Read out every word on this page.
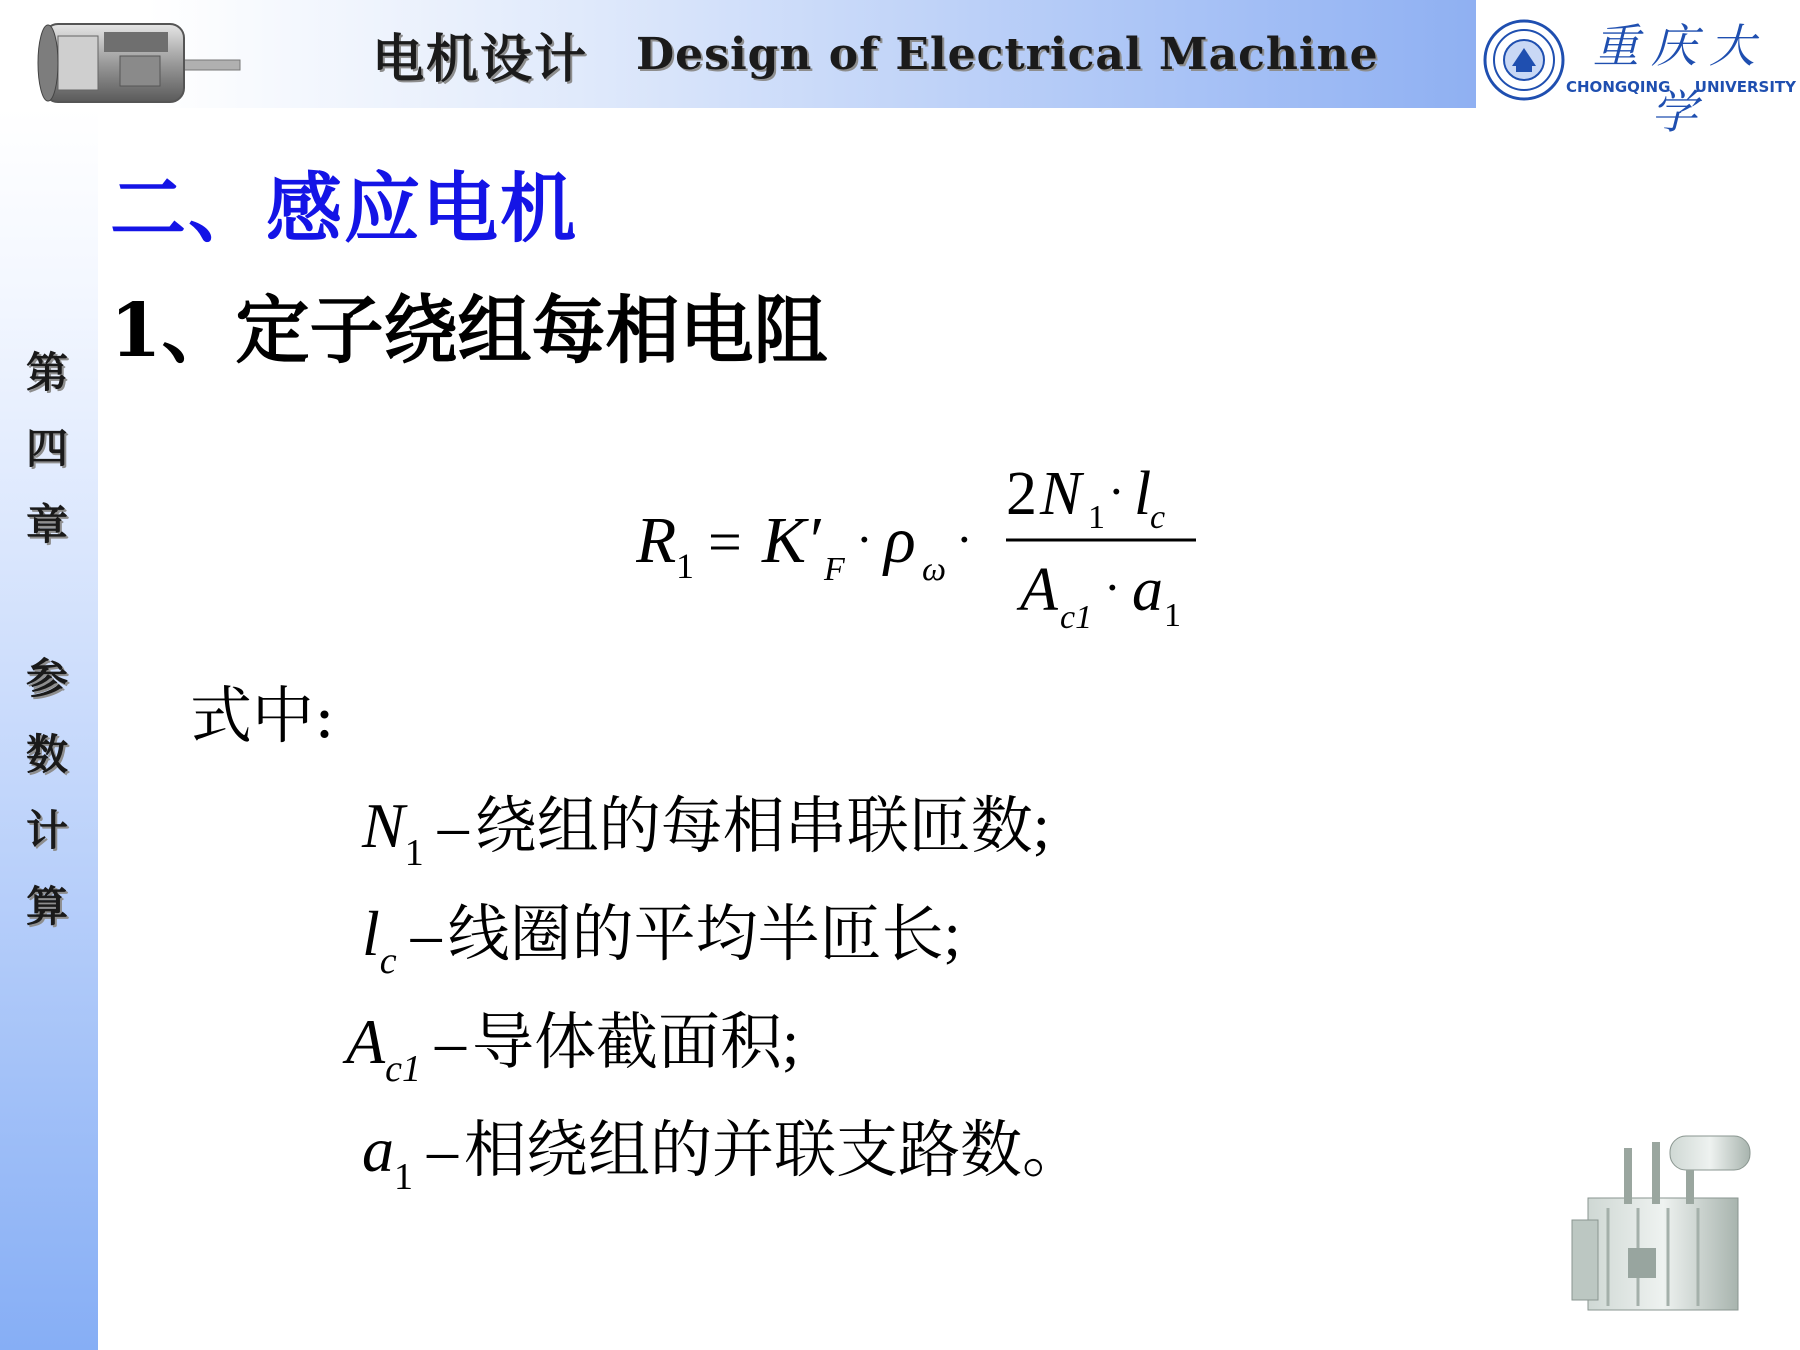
电机设计 Design of Electrical Machine	重庆大学
CHONGQING UNIVERSITY
第
四
章
参
数
计
算
二、感应电机
1、定子绕组每相电阻
R 1 = K′ F
· ρ ω
·
2 N 1 · l
c
A c1
· a 1
式中:
N 1 – 绕组的每相串联匝数;
l c – 线圈的平均半匝长;
A c1 – 导体截面积;
a 1 – 相绕组的并联支路数。
